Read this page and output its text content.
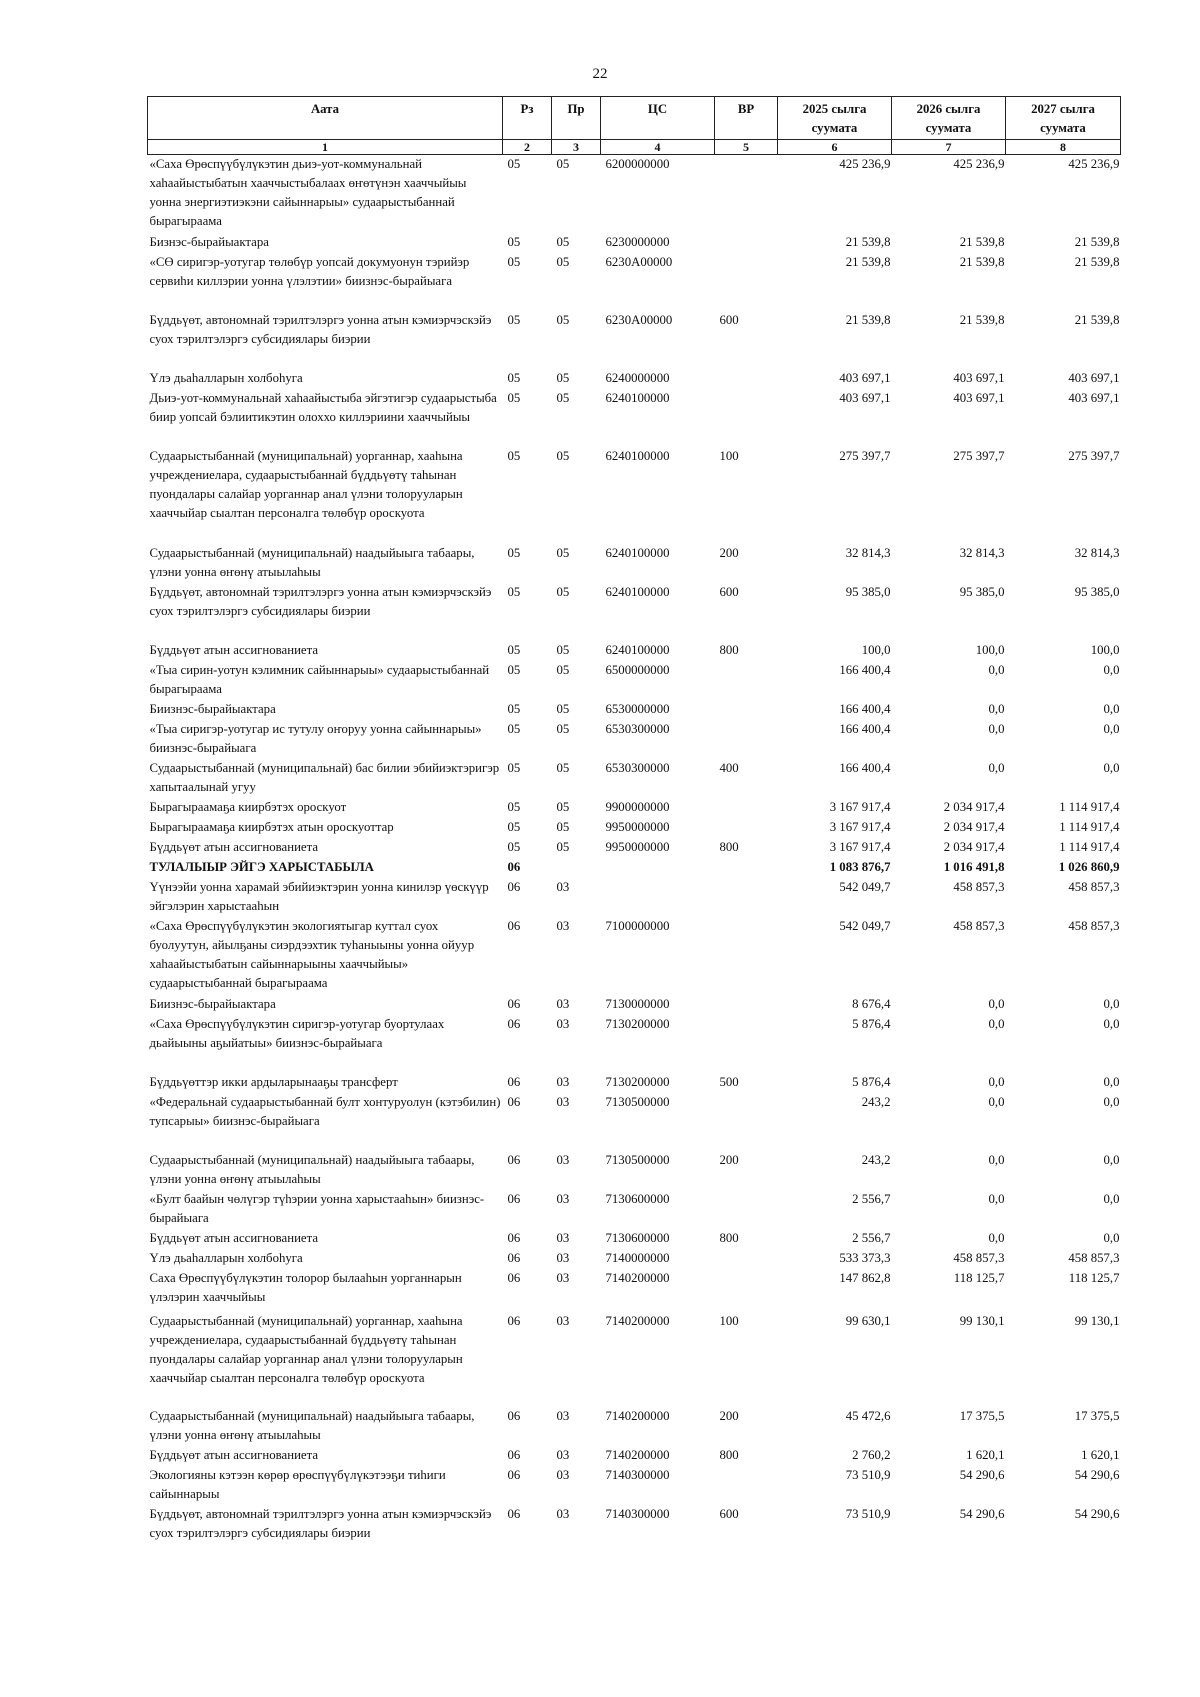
22
Аата	Рз	Пр	ЦС	ВР	2025 сылга суумата	2026 сылга суумата	2027 сылга суумата
1	2	3	4	5	6	7	8
«Саха Өрөспүүбүлүкэтин дьиэ-уот-коммунальнай хаһаайыстыбатын хааччыстыбалаах өҥөтүнэн хааччыйыы уонна энергиэтиэкэни сайыннарыы» судаарыстыбаннай бырагыраама	05	05	6200000000		425 236,9	425 236,9	425 236,9
Бизнэс-бырайыактара	05	05	6230000000		21 539,8	21 539,8	21 539,8
«СӨ сиригэр-уотугар төлөбүр уопсай докумуонун тэрийэр сервиһи киллэрии уонна үлэлэтии» биизнэс-бырайыага	05	05	6230А00000		21 539,8	21 539,8	21 539,8
Бүддьүөт, автономнай тэрилтэлэргэ уонна атын кэмиэрчэскэйэ суох тэрилтэлэргэ субсидиялары биэрии	05	05	6230А00000	600	21 539,8	21 539,8	21 539,8
Үлэ дьаһалларын холбоһуга	05	05	6240000000		403 697,1	403 697,1	403 697,1
Дьиэ-уот-коммунальнай хаһаайыстыба эйгэтигэр судаарыстыба биир уопсай бэлиитикэтин олоххо киллэриини хааччыйыы	05	05	6240100000		403 697,1	403 697,1	403 697,1
Судаарыстыбаннай (муниципальнай) уорганнар, хааһына учреждениелара, судаарыстыбаннай бүддьүөтү таһынан пуондалары салайар уорганнар анал үлэни толорууларын хааччыйар сыалтан персоналга төлөбүр ороскуота	05	05	6240100000	100	275 397,7	275 397,7	275 397,7
Судаарыстыбаннай (муниципальнай) наадыйыыга табаары, үлэни уонна өҥөнү атыылаһыы	05	05	6240100000	200	32 814,3	32 814,3	32 814,3
Бүддьүөт, автономнай тэрилтэлэргэ уонна атын кэмиэрчэскэйэ суох тэрилтэлэргэ субсидиялары биэрии	05	05	6240100000	600	95 385,0	95 385,0	95 385,0
Бүддьүөт атын ассигнованиета	05	05	6240100000	800	100,0	100,0	100,0
«Тыа сирин-уотун кэлимник сайыннарыы» судаарыстыбаннай бырагыраама	05	05	6500000000		166 400,4	0,0	0,0
Биизнэс-бырайыактара	05	05	6530000000		166 400,4	0,0	0,0
«Тыа сиригэр-уотугар ис тутулу оҥоруу уонна сайыннарыы» биизнэс-бырайыага	05	05	6530300000		166 400,4	0,0	0,0
Судаарыстыбаннай (муниципальнай) бас билии эбийиэктэригэр хапытаалынай угуу	05	05	6530300000	400	166 400,4	0,0	0,0
Бырагыраамаҕа киирбэтэх ороскуот	05	05	9900000000		3 167 917,4	2 034 917,4	1 114 917,4
Бырагыраамаҕа киирбэтэх атын ороскуоттар	05	05	9950000000		3 167 917,4	2 034 917,4	1 114 917,4
Бүддьүөт атын ассигнованиета	05	05	9950000000	800	3 167 917,4	2 034 917,4	1 114 917,4
ТУЛАЛЫЫР ЭЙГЭ ХАРЫСТАБЫЛА	06				1 083 876,7	1 016 491,8	1 026 860,9
Үүнээйи уонна харамай эбийиэктэрин уонна кинилэр үөскүүр эйгэлэрин харыстааһын	06	03			542 049,7	458 857,3	458 857,3
«Саха Өрөспүүбүлүкэтин экологиятыгар куттал суох буолуутун, айылҕаны сиэрдээхтик туһаныыны уонна ойуур хаһаайыстыбатын сайыннарыыны хааччыйыы» судаарыстыбаннай бырагыраама	06	03	7100000000		542 049,7	458 857,3	458 857,3
Биизнэс-бырайыактара	06	03	7130000000		8 676,4	0,0	0,0
«Саха Өрөспүүбүлүкэтин сиригэр-уотугар буортулаах дьайыыны аҕыйатыы» биизнэс-бырайыага	06	03	7130200000		5 876,4	0,0	0,0
Бүддьүөттэр икки ардыларынааҕы трансферт	06	03	7130200000	500	5 876,4	0,0	0,0
«Федеральнай судаарыстыбаннай булт хонтуруолун (кэтэбилин) тупсарыы» биизнэс-бырайыага	06	03	7130500000		243,2	0,0	0,0
Судаарыстыбаннай (муниципальнай) наадыйыыга табаары, үлэни уонна өҥөнү атыылаһыы	06	03	7130500000	200	243,2	0,0	0,0
«Булт баайын чөлүгэр түһэрии уонна харыстааһын» биизнэс-бырайыага	06	03	7130600000		2 556,7	0,0	0,0
Бүддьүөт атын ассигнованиета	06	03	7130600000	800	2 556,7	0,0	0,0
Үлэ дьаһалларын холбоһуга	06	03	7140000000		533 373,3	458 857,3	458 857,3
Саха Өрөспүүбүлүкэтин толорор былааһын уорганнарын үлэлэрин хааччыйыы	06	03	7140200000		147 862,8	118 125,7	118 125,7
Судаарыстыбаннай (муниципальнай) уорганнар, хааһына учреждениелара, судаарыстыбаннай бүддьүөтү таһынан пуондалары салайар уорганнар анал үлэни толорууларын хааччыйар сыалтан персоналга төлөбүр ороскуота	06	03	7140200000	100	99 630,1	99 130,1	99 130,1
Судаарыстыбаннай (муниципальнай) наадыйыыга табаары, үлэни уонна өҥөнү атыылаһыы	06	03	7140200000	200	45 472,6	17 375,5	17 375,5
Бүддьүөт атын ассигнованиета	06	03	7140200000	800	2 760,2	1 620,1	1 620,1
Экологияны кэтээн көрөр өрөспүүбүлүкэтээҕи тиһиги сайыннарыы	06	03	7140300000		73 510,9	54 290,6	54 290,6
Бүддьүөт, автономнай тэрилтэлэргэ уонна атын кэмиэрчэскэйэ суох тэрилтэлэргэ субсидиялары биэрии	06	03	7140300000	600	73 510,9	54 290,6	54 290,6
